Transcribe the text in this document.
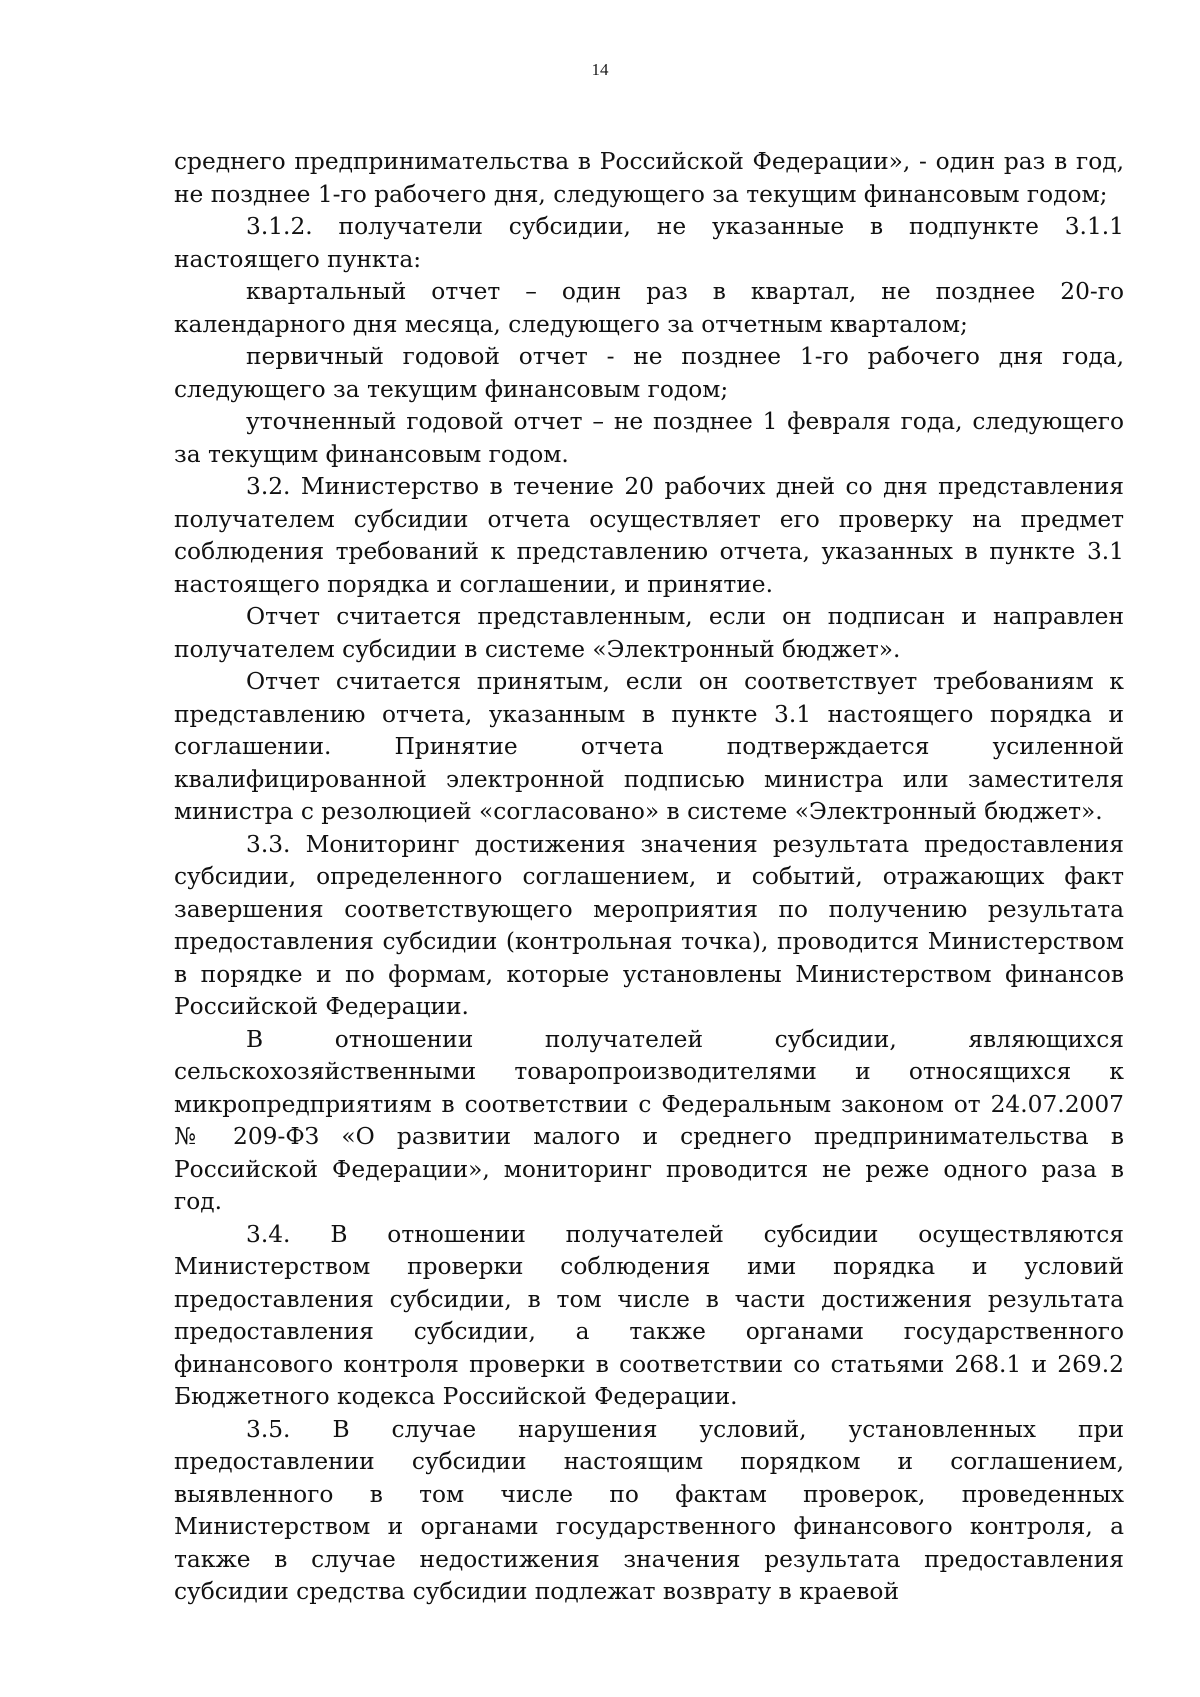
14

среднего предпринимательства в Российской Федерации», - один раз в год, не позднее 1-го рабочего дня, следующего за текущим финансовым годом;

3.1.2. получатели субсидии, не указанные в подпункте 3.1.1 настоящего пункта:

квартальный отчет – один раз в квартал, не позднее 20-го календарного дня месяца, следующего за отчетным кварталом;

первичный годовой отчет - не позднее 1-го рабочего дня года, следующего за текущим финансовым годом;

уточненный годовой отчет – не позднее 1 февраля года, следующего за текущим финансовым годом.

3.2. Министерство в течение 20 рабочих дней со дня представления получателем субсидии отчета осуществляет его проверку на предмет соблюдения требований к представлению отчета, указанных в пункте 3.1 настоящего порядка и соглашении, и принятие.

Отчет считается представленным, если он подписан и направлен получателем субсидии в системе «Электронный бюджет».

Отчет считается принятым, если он соответствует требованиям к представлению отчета, указанным в пункте 3.1 настоящего порядка и соглашении. Принятие отчета подтверждается усиленной квалифицированной электронной подписью министра или заместителя министра с резолюцией «согласовано» в системе «Электронный бюджет».

3.3. Мониторинг достижения значения результата предоставления субсидии, определенного соглашением, и событий, отражающих факт завершения соответствующего мероприятия по получению результата предоставления субсидии (контрольная точка), проводится Министерством в порядке и по формам, которые установлены Министерством финансов Российской Федерации.

В отношении получателей субсидии, являющихся сельскохозяйственными товаропроизводителями и относящихся к микропредприятиям в соответствии с Федеральным законом от 24.07.2007 № 209-ФЗ «О развитии малого и среднего предпринимательства в Российской Федерации», мониторинг проводится не реже одного раза в год.

3.4. В отношении получателей субсидии осуществляются Министерством проверки соблюдения ими порядка и условий предоставления субсидии, в том числе в части достижения результата предоставления субсидии, а также органами государственного финансового контроля проверки в соответствии со статьями 268.1 и 269.2 Бюджетного кодекса Российской Федерации.

3.5. В случае нарушения условий, установленных при предоставлении субсидии настоящим порядком и соглашением, выявленного в том числе по фактам проверок, проведенных Министерством и органами государственного финансового контроля, а также в случае недостижения значения результата предоставления субсидии средства субсидии подлежат возврату в краевой
